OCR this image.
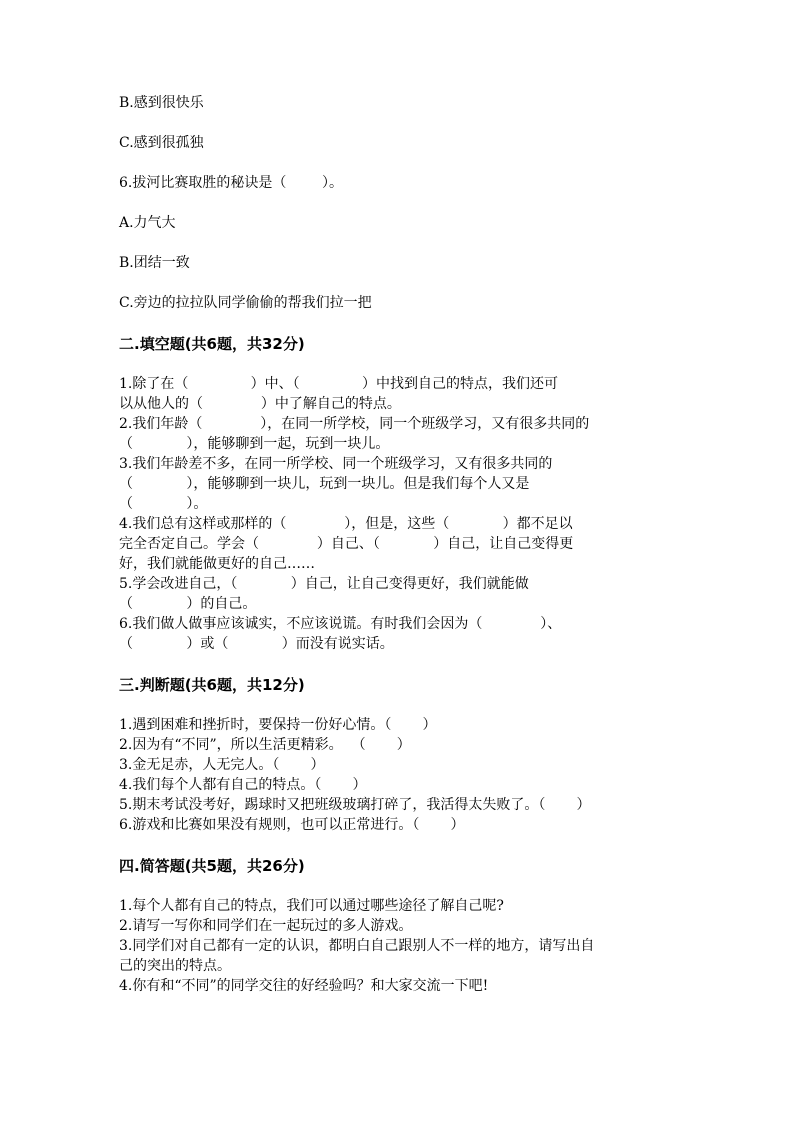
B.感到很快乐
C.感到很孤独
6.拔河比赛取胜的秘诀是（        ）。
A.力气大
B.团结一致
C.旁边的拉拉队同学偷偷的帮我们拉一把
二.填空题(共6题，共32分)
1.除了在（              ）中、（              ）中找到自己的特点，我们还可
以从他人的（             ）中了解自己的特点。
2.我们年龄（             ），在同一所学校，同一个班级学习，又有很多共同的
（            ），能够聊到一起，玩到一块儿。
3.我们年龄差不多，在同一所学校、同一个班级学习，又有很多共同的
（            ），能够聊到一块儿，玩到一块儿。但是我们每个人又是
（            ）。
4.我们总有这样或那样的（             ），但是，这些（            ）都不足以
完全否定自己。学会（             ）自己、（            ）自己，让自己变得更
好，我们就能做更好的自己……
5.学会改进自己，（            ）自己，让自己变得更好，我们就能做
（            ）的自己。
6.我们做人做事应该诚实，不应该说谎。有时我们会因为（             ）、
（            ）或（            ）而没有说实话。
三.判断题(共6题，共12分)
1.遇到困难和挫折时，要保持一份好心情。（       ）
2.因为有“不同”，所以生活更精彩。  （       ）
3.金无足赤，人无完人。（       ）
4.我们每个人都有自己的特点。（       ）
5.期末考试没考好，踢球时又把班级玻璃打碎了，我活得太失败了。（       ）
6.游戏和比赛如果没有规则，也可以正常进行。（       ）
四.简答题(共5题，共26分)
1.每个人都有自己的特点，我们可以通过哪些途径了解自己呢?
2.请写一写你和同学们在一起玩过的多人游戏。
3.同学们对自己都有一定的认识，都明白自己跟别人不一样的地方，请写出自
己的突出的特点。
4.你有和“不同”的同学交往的好经验吗？和大家交流一下吧!
